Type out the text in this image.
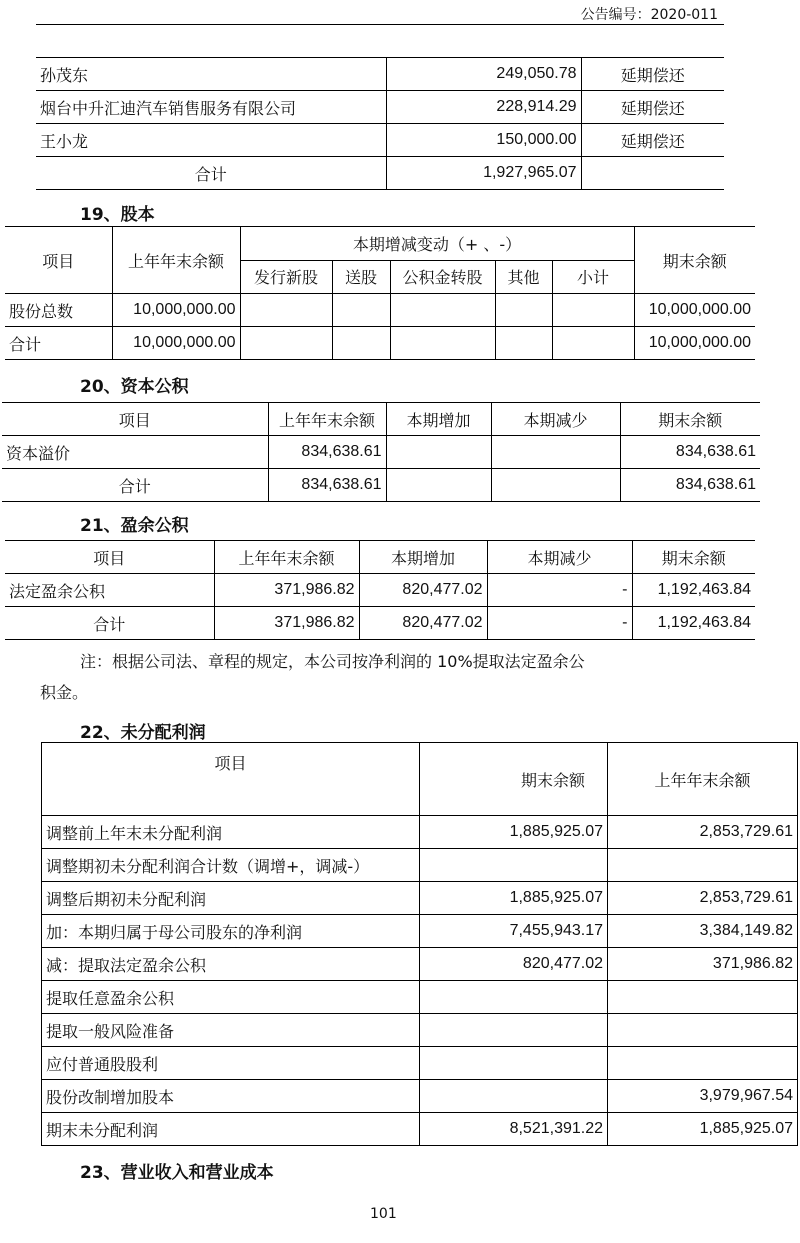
公告编号：2020-011
孙茂东	249,050.78	延期偿还
烟台中升汇迪汽车销售服务有限公司	228,914.29	延期偿还
王小龙	150,000.00	延期偿还
合计	1,927,965.07	
19、股本
项目	上年年末余额	本期增减变动（+ 、-）					期末余额
		发行新股	送股	公积金转股	其他	小计	
股份总数	10,000,000.00						10,000,000.00
合计	10,000,000.00						10,000,000.00
20、资本公积
项目	上年年末余额	本期增加	本期减少	期末余额
资本溢价	834,638.61			834,638.61
合计	834,638.61			834,638.61
21、盈余公积
项目	上年年末余额	本期增加	本期减少	期末余额
法定盈余公积	371,986.82	820,477.02	-	1,192,463.84
合计	371,986.82	820,477.02	-	1,192,463.84
注：根据公司法、章程的规定，本公司按净利润的 10%提取法定盈余公
积金。
22、未分配利润
项目	期末余额	上年年末余额
调整前上年末未分配利润	1,885,925.07	2,853,729.61
调整期初未分配利润合计数（调增+，调减-）		
调整后期初未分配利润	1,885,925.07	2,853,729.61
加：本期归属于母公司股东的净利润	7,455,943.17	3,384,149.82
减：提取法定盈余公积	820,477.02	371,986.82
提取任意盈余公积		
提取一般风险准备		
应付普通股股利		
股份改制增加股本		3,979,967.54
期末未分配利润	8,521,391.22	1,885,925.07
23、营业收入和营业成本
101
